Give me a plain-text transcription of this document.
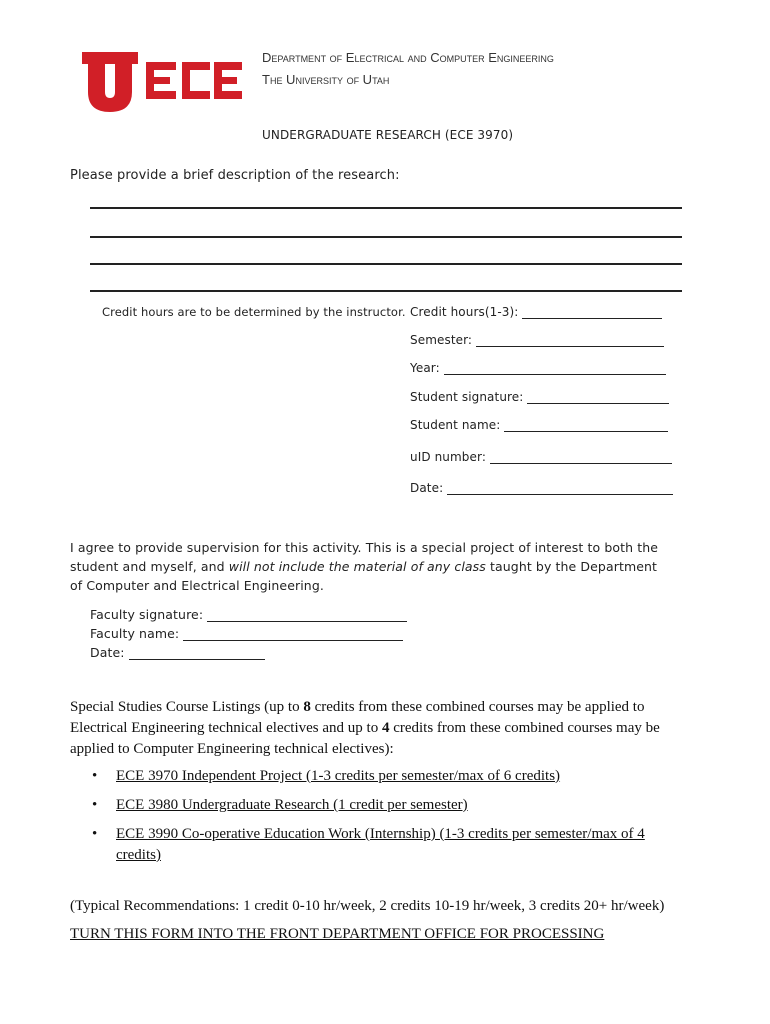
Department of Electrical and Computer Engineering
The University of Utah
UNDERGRADUATE RESEARCH (ECE 3970)
Please provide a brief description of the research:
Credit hours are to be determined by the instructor. Credit hours(1-3):
Semester:
Year:
Student signature:
Student name:
uID number:
Date:
I agree to provide supervision for this activity. This is a special project of interest to both the student and myself, and will not include the material of any class taught by the Department of Computer and Electrical Engineering.
Faculty signature:
Faculty name:
Date:
Special Studies Course Listings (up to 8 credits from these combined courses may be applied to Electrical Engineering technical electives and up to 4 credits from these combined courses may be applied to Computer Engineering technical electives):
• ECE 3970 Independent Project (1-3 credits per semester/max of 6 credits)
• ECE 3980 Undergraduate Research (1 credit per semester)
• ECE 3990 Co-operative Education Work (Internship) (1-3 credits per semester/max of 4 credits)
(Typical Recommendations: 1 credit 0-10 hr/week, 2 credits 10-19 hr/week, 3 credits 20+ hr/week)
TURN THIS FORM INTO THE FRONT DEPARTMENT OFFICE FOR PROCESSING
